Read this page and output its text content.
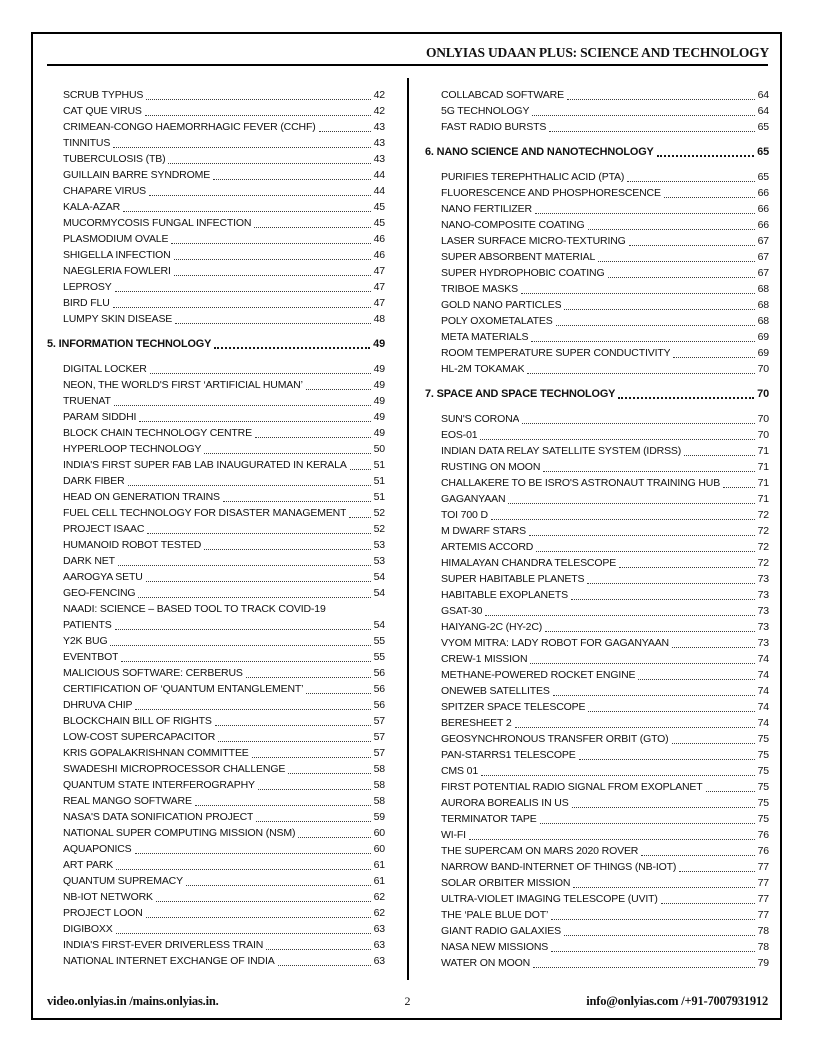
ONLYIAS UDAAN PLUS: SCIENCE AND TECHNOLOGY
SCRUB TYPHUS	42
CAT QUE VIRUS	42
CRIMEAN-CONGO HAEMORRHAGIC FEVER (CCHF)	43
TINNITUS	43
TUBERCULOSIS (TB)	43
GUILLAIN BARRE SYNDROME	44
CHAPARE VIRUS	44
KALA-AZAR	45
MUCORMYCOSIS FUNGAL INFECTION	45
PLASMODIUM OVALE	46
SHIGELLA INFECTION	46
NAEGLERIA FOWLERI	47
LEPROSY	47
BIRD FLU	47
LUMPY SKIN DISEASE	48
5. INFORMATION TECHNOLOGY	49
DIGITAL LOCKER	49
NEON, THE WORLD'S FIRST ‘ARTIFICIAL HUMAN’	49
TRUENAT	49
PARAM SIDDHI	49
BLOCK CHAIN TECHNOLOGY CENTRE	49
HYPERLOOP TECHNOLOGY	50
INDIA'S FIRST SUPER FAB LAB INAUGURATED IN KERALA	51
DARK FIBER	51
HEAD ON GENERATION TRAINS	51
FUEL CELL TECHNOLOGY FOR DISASTER MANAGEMENT	52
PROJECT ISAAC	52
HUMANOID ROBOT TESTED	53
DARK NET	53
AAROGYA SETU	54
GEO-FENCING	54
NAADI: SCIENCE – BASED TOOL TO TRACK COVID-19
PATIENTS	54
Y2K BUG	55
EVENTBOT	55
MALICIOUS SOFTWARE: CERBERUS	56
CERTIFICATION OF ‘QUANTUM ENTANGLEMENT’	56
DHRUVA CHIP	56
BLOCKCHAIN BILL OF RIGHTS	57
LOW-COST SUPERCAPACITOR	57
KRIS GOPALAKRISHNAN COMMITTEE	57
SWADESHI MICROPROCESSOR CHALLENGE	58
QUANTUM STATE INTERFEROGRAPHY	58
REAL MANGO SOFTWARE	58
NASA'S DATA SONIFICATION PROJECT	59
NATIONAL SUPER COMPUTING MISSION (NSM)	60
AQUAPONICS	60
ART PARK	61
QUANTUM SUPREMACY	61
NB-IOT NETWORK	62
PROJECT LOON	62
DIGIBOXX	63
INDIA'S FIRST-EVER DRIVERLESS TRAIN	63
NATIONAL INTERNET EXCHANGE OF INDIA	63
COLLABCAD SOFTWARE	64
5G TECHNOLOGY	64
FAST RADIO BURSTS	65
6. NANO SCIENCE AND NANOTECHNOLOGY	65
PURIFIES TEREPHTHALIC ACID (PTA)	65
FLUORESCENCE AND PHOSPHORESCENCE	66
NANO FERTILIZER	66
NANO-COMPOSITE COATING	66
LASER SURFACE MICRO-TEXTURING	67
SUPER ABSORBENT MATERIAL	67
SUPER HYDROPHOBIC COATING	67
TRIBOE MASKS	68
GOLD NANO PARTICLES	68
POLY OXOMETALATES	68
META MATERIALS	69
ROOM TEMPERATURE SUPER CONDUCTIVITY	69
HL-2M TOKAMAK	70
7. SPACE AND SPACE TECHNOLOGY	70
SUN'S CORONA	70
EOS-01	70
INDIAN DATA RELAY SATELLITE SYSTEM (IDRSS)	71
RUSTING ON MOON	71
CHALLAKERE TO BE ISRO'S ASTRONAUT TRAINING HUB	71
GAGANYAAN	71
TOI 700 D	72
M DWARF STARS	72
ARTEMIS ACCORD	72
HIMALAYAN CHANDRA TELESCOPE	72
SUPER HABITABLE PLANETS	73
HABITABLE EXOPLANETS	73
GSAT-30	73
HAIYANG-2C (HY-2C)	73
VYOM MITRA: LADY ROBOT FOR GAGANYAAN	73
CREW-1 MISSION	74
METHANE-POWERED ROCKET ENGINE	74
ONEWEB SATELLITES	74
SPITZER SPACE TELESCOPE	74
BERESHEET 2	74
GEOSYNCHRONOUS TRANSFER ORBIT (GTO)	75
PAN-STARRS1 TELESCOPE	75
CMS 01	75
FIRST POTENTIAL RADIO SIGNAL FROM EXOPLANET	75
AURORA BOREALIS IN US	75
TERMINATOR TAPE	75
WI-FI	76
THE SUPERCAM ON MARS 2020 ROVER	76
NARROW BAND-INTERNET OF THINGS (NB-IOT)	77
SOLAR ORBITER MISSION	77
ULTRA-VIOLET IMAGING TELESCOPE (UVIT)	77
THE ‘PALE BLUE DOT’	77
GIANT RADIO GALAXIES	78
NASA NEW MISSIONS	78
WATER ON MOON	79
video.onlyias.in /mains.onlyias.in.	2	info@onlyias.com /+91-7007931912
